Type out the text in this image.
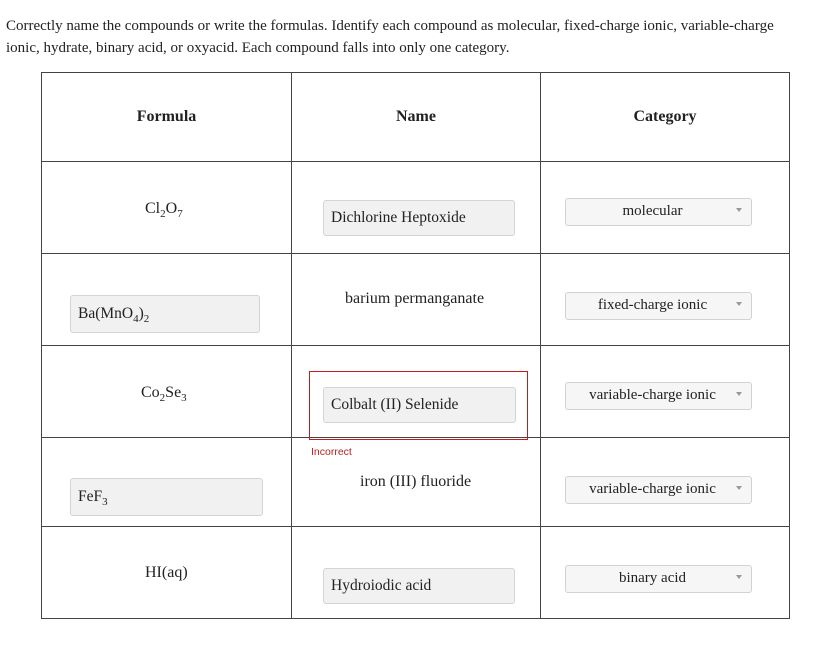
Correctly name the compounds or write the formulas. Identify each compound as molecular, fixed-charge ionic, variable-charge ionic, hydrate, binary acid, or oxyacid. Each compound falls into only one category.
Formula	Name	Category

$Cl_2O_7$	Dichlorine Heptoxide	molecular

$Ba(MnO_4)_2$	barium permanganate	fixed-charge ionic

$Co_2Se_3$	Colbalt (II) Selenide	variable-charge ionic

FeF$_3$	iron (III) fluoride	variable-charge ionic

HI(aq)	Hydroiodic acid	binary acid
Incorrect
